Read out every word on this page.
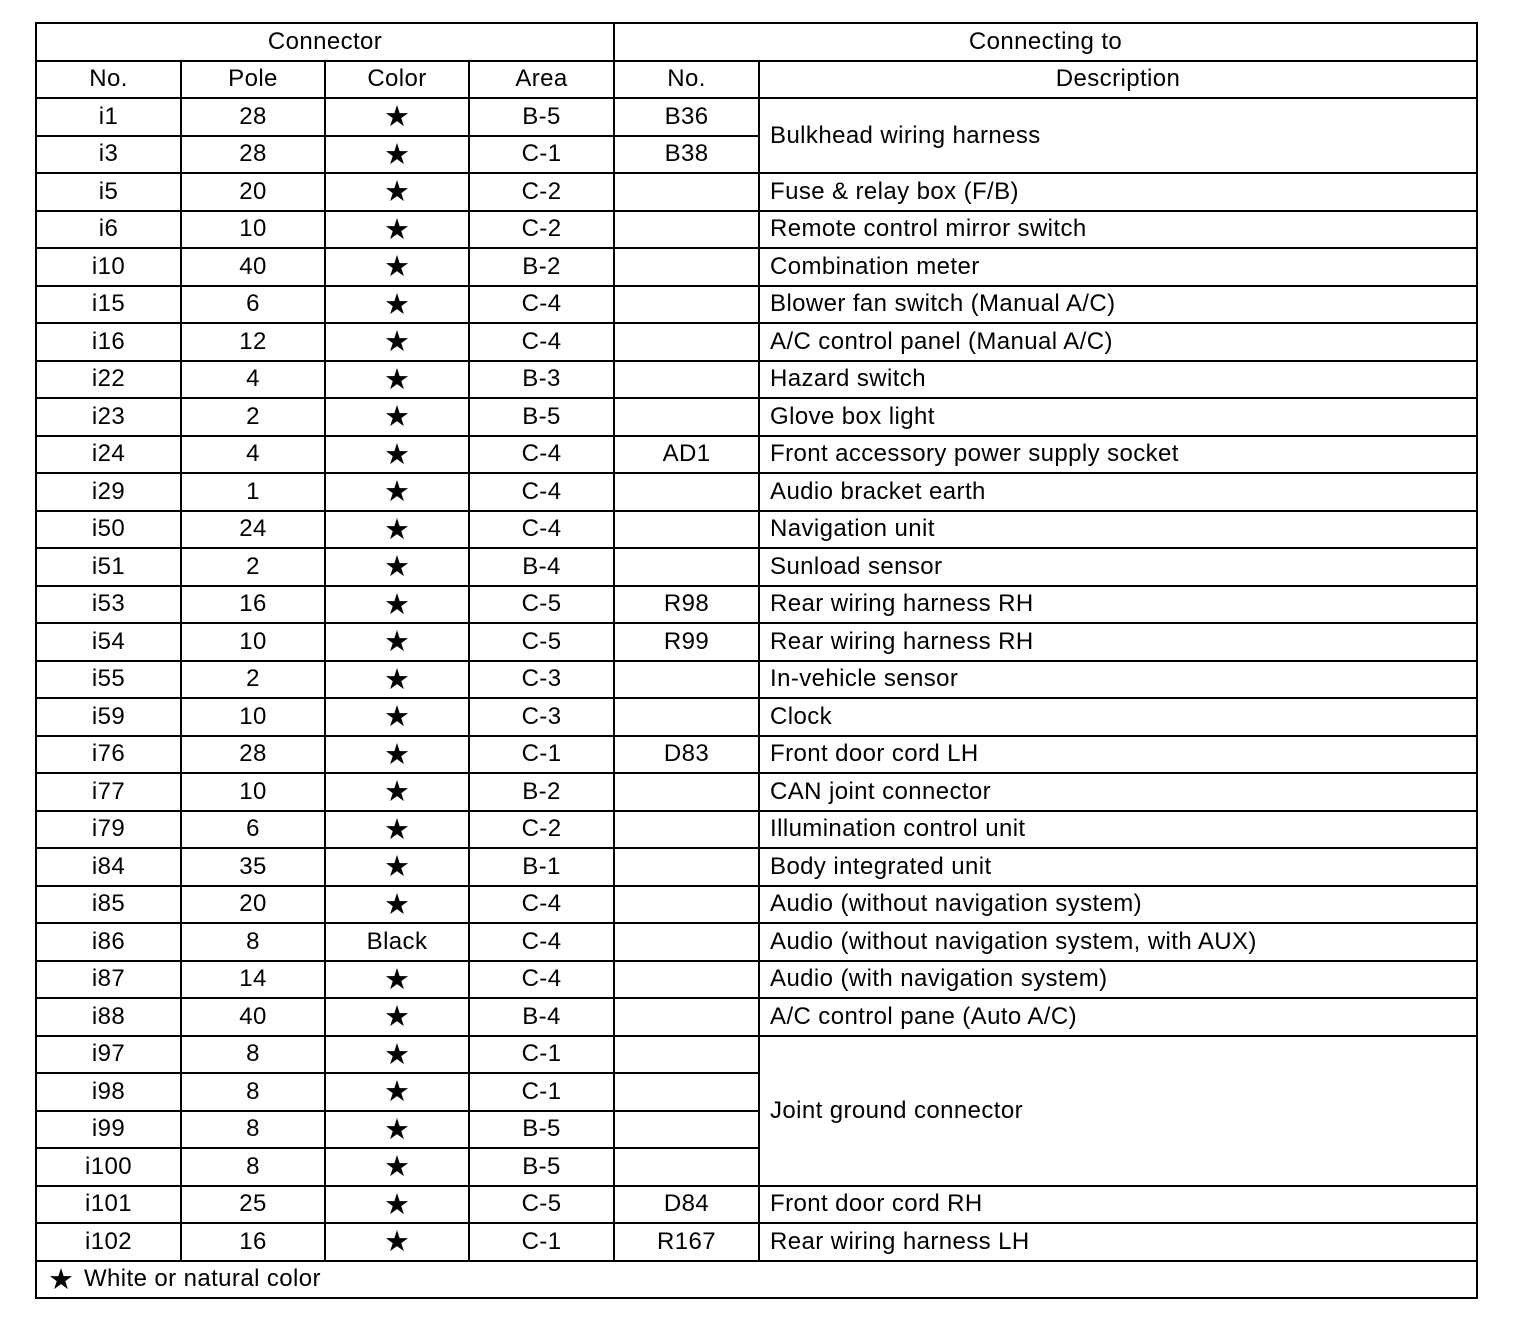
Connector				Connecting to	
No.	Pole	Color	Area	No.	Description
i1	28	★	B-5	B36	Bulkhead wiring harness
i3	28	★	C-1	B38	
i5	20	★	C-2		Fuse & relay box (F/B)
i6	10	★	C-2		Remote control mirror switch
i10	40	★	B-2		Combination meter
i15	6	★	C-4		Blower fan switch (Manual A/C)
i16	12	★	C-4		A/C control panel (Manual A/C)
i22	4	★	B-3		Hazard switch
i23	2	★	B-5		Glove box light
i24	4	★	C-4	AD1	Front accessory power supply socket
i29	1	★	C-4		Audio bracket earth
i50	24	★	C-4		Navigation unit
i51	2	★	B-4		Sunload sensor
i53	16	★	C-5	R98	Rear wiring harness RH
i54	10	★	C-5	R99	Rear wiring harness RH
i55	2	★	C-3		In-vehicle sensor
i59	10	★	C-3		Clock
i76	28	★	C-1	D83	Front door cord LH
i77	10	★	B-2		CAN joint connector
i79	6	★	C-2		Illumination control unit
i84	35	★	B-1		Body integrated unit
i85	20	★	C-4		Audio (without navigation system)
i86	8	Black	C-4		Audio (without navigation system, with AUX)
i87	14	★	C-4		Audio (with navigation system)
i88	40	★	B-4		A/C control pane (Auto A/C)
i97	8	★	C-1		Joint ground connector
i98	8	★	C-1		
i99	8	★	B-5		
i100	8	★	B-5		
i101	25	★	C-5	D84	Front door cord RH
i102	16	★	C-1	R167	Rear wiring harness LH
★ White or natural color					
